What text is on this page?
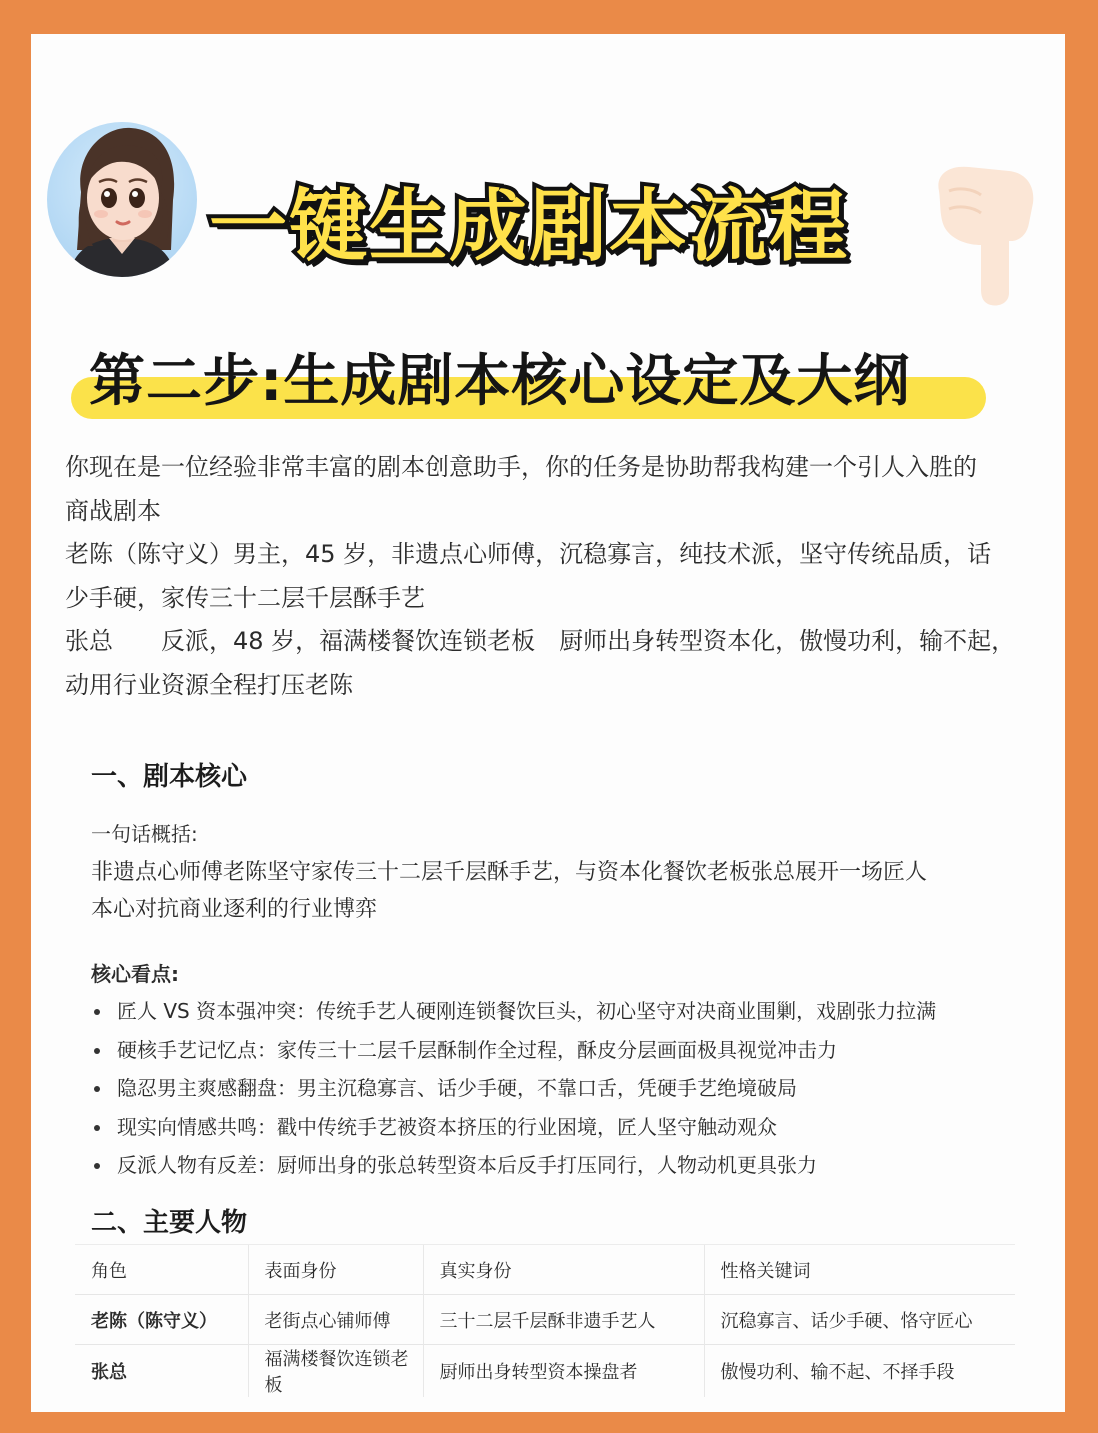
一键生成剧本流程
第二步:生成剧本核心设定及大纲

你现在是一位经验非常丰富的剧本创意助手，你的任务是协助帮我构建一个引人入胜的

商战剧本

老陈（陈守义）男主，45 岁，非遗点心师傅，沉稳寡言，纯技术派，坚守传统品质，话

少手硬，家传三十二层千层酥手艺

张总　　反派，48 岁，福满楼餐饮连锁老板　厨师出身转型资本化，傲慢功利，输不起，

动用行业资源全程打压老陈

一、剧本核心
一句话概括:

非遗点心师傅老陈坚守家传三十二层千层酥手艺，与资本化餐饮老板张总展开一场匠人

本心对抗商业逐利的行业博弈

核心看点:
匠人 VS 资本强冲突：传统手艺人硬刚连锁餐饮巨头，初心坚守对决商业围剿，戏剧张力拉满
硬核手艺记忆点：家传三十二层千层酥制作全过程，酥皮分层画面极具视觉冲击力
隐忍男主爽感翻盘：男主沉稳寡言、话少手硬，不靠口舌，凭硬手艺绝境破局
现实向情感共鸣：戳中传统手艺被资本挤压的行业困境，匠人坚守触动观众
反派人物有反差：厨师出身的张总转型资本后反手打压同行，人物动机更具张力
二、主要人物
角色	表面身份	真实身份	性格关键词
老陈（陈守义）	老街点心铺师傅	三十二层千层酥非遗手艺人	沉稳寡言、话少手硬、恪守匠心
张总	福满楼餐饮连锁老板	厨师出身转型资本操盘者	傲慢功利、输不起、不择手段
